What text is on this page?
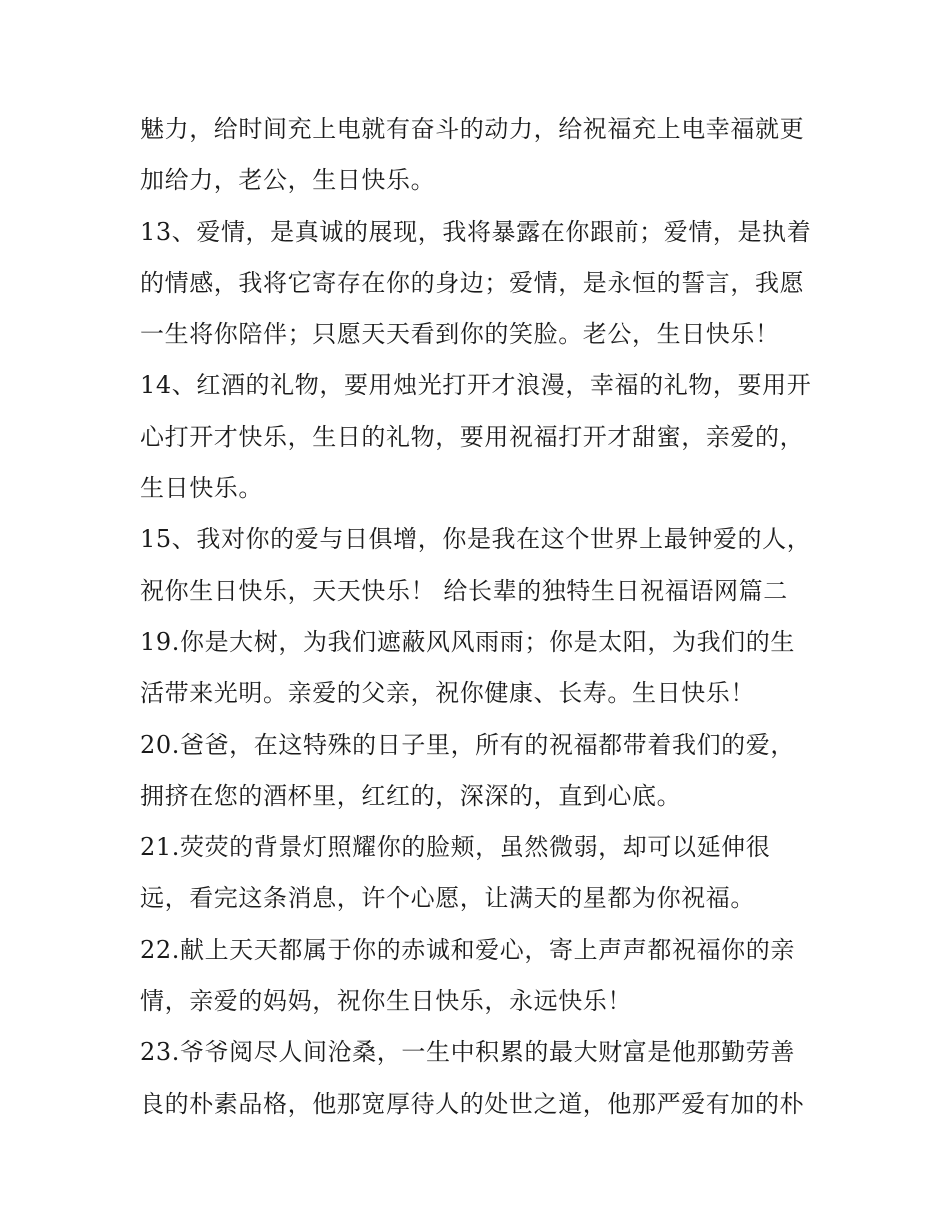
魅力，给时间充上电就有奋斗的动力，给祝福充上电幸福就更
加给力，老公，生日快乐。
13、爱情，是真诚的展现，我将暴露在你跟前；爱情，是执着
的情感，我将它寄存在你的身边；爱情，是永恒的誓言，我愿
一生将你陪伴；只愿天天看到你的笑脸。老公，生日快乐！
14、红酒的礼物，要用烛光打开才浪漫，幸福的礼物，要用开
心打开才快乐，生日的礼物，要用祝福打开才甜蜜，亲爱的，
生日快乐。
15、我对你的爱与日俱增，你是我在这个世界上最钟爱的人，
祝你生日快乐，天天快乐！ 给长辈的独特生日祝福语网篇二
19.你是大树，为我们遮蔽风风雨雨；你是太阳，为我们的生
活带来光明。亲爱的父亲，祝你健康、长寿。生日快乐！
20.爸爸，在这特殊的日子里，所有的祝福都带着我们的爱，
拥挤在您的酒杯里，红红的，深深的，直到心底。
21.荧荧的背景灯照耀你的脸颊，虽然微弱，却可以延伸很
远，看完这条消息，许个心愿，让满天的星都为你祝福。
22.献上天天都属于你的赤诚和爱心，寄上声声都祝福你的亲
情，亲爱的妈妈，祝你生日快乐，永远快乐！
23.爷爷阅尽人间沧桑，一生中积累的最大财富是他那勤劳善
良的朴素品格，他那宽厚待人的处世之道，他那严爱有加的朴
